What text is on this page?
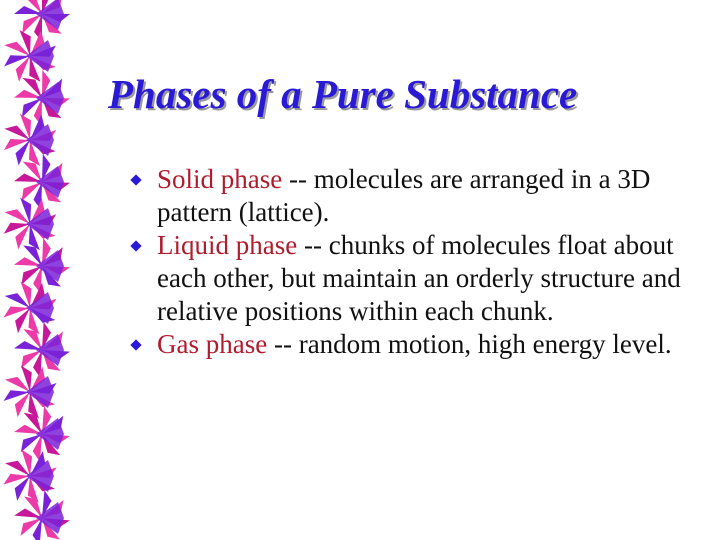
Phases of a Pure Substance
Solid phase -- molecules are arranged in a 3D pattern (lattice).
Liquid phase -- chunks of molecules float about each other, but maintain an orderly structure and relative positions within each chunk.
Gas phase -- random motion, high energy level.
